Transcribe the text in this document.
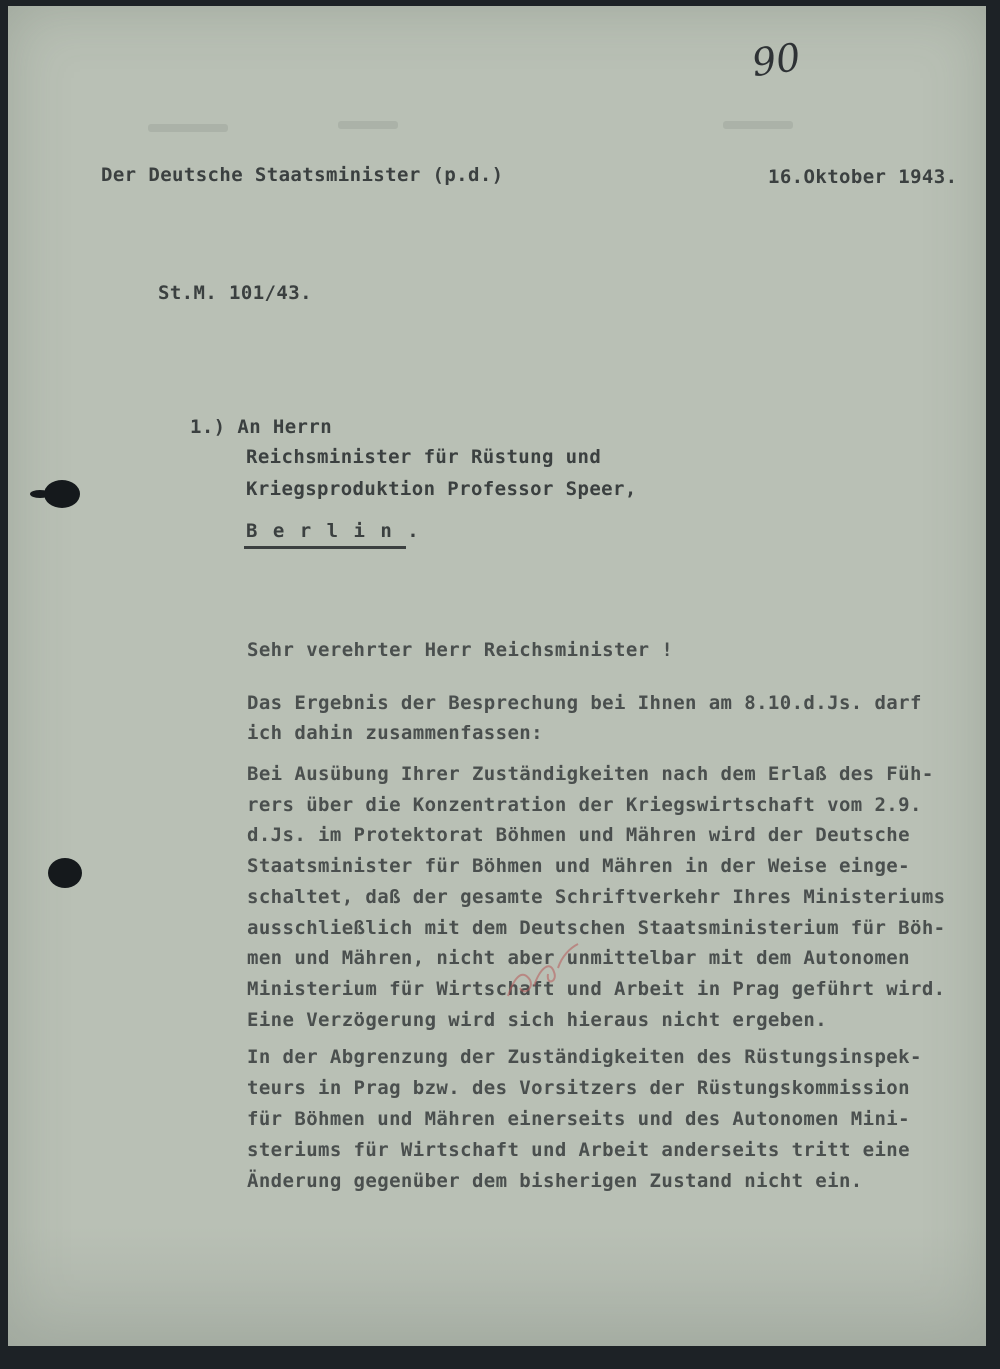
90
Der Deutsche Staatsminister (p.d.)	16.Oktober 1943.
St.M. 101/43.
1.) An Herrn
Reichsminister für Rüstung und
Kriegsproduktion Professor Speer,
B e r l i n .
Sehr verehrter Herr Reichsminister !
Das Ergebnis der Besprechung bei Ihnen am 8.10.d.Js. darf
ich dahin zusammenfassen:
Bei Ausübung Ihrer Zuständigkeiten nach dem Erlaß des Füh-
rers über die Konzentration der Kriegswirtschaft vom 2.9.
d.Js. im Protektorat Böhmen und Mähren wird der Deutsche
Staatsminister für Böhmen und Mähren in der Weise einge-
schaltet, daß der gesamte Schriftverkehr Ihres Ministeriums
ausschließlich mit dem Deutschen Staatsministerium für Böh-
men und Mähren, nicht aber unmittelbar mit dem Autonomen
Ministerium für Wirtschaft und Arbeit in Prag geführt wird.
Eine Verzögerung wird sich hieraus nicht ergeben.
In der Abgrenzung der Zuständigkeiten des Rüstungsinspek-
teurs in Prag bzw. des Vorsitzers der Rüstungskommission
für Böhmen und Mähren einerseits und des Autonomen Mini-
steriums für Wirtschaft und Arbeit anderseits tritt eine
Änderung gegenüber dem bisherigen Zustand nicht ein.
